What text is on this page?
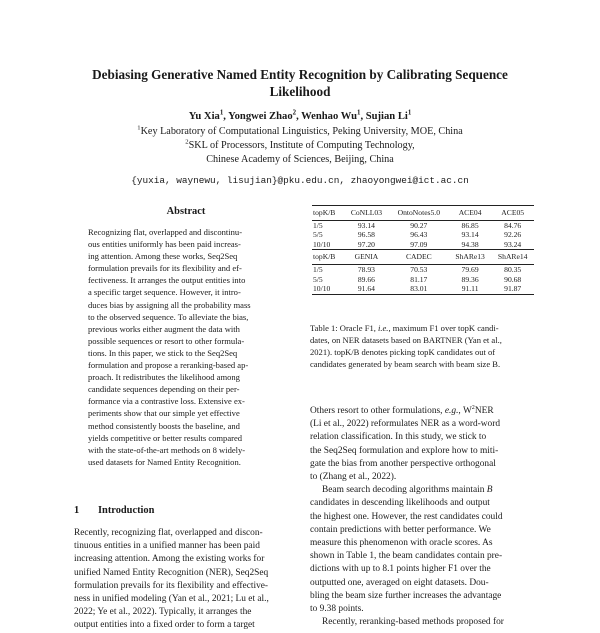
Debiasing Generative Named Entity Recognition by Calibrating Sequence
Likelihood
Yu Xia$^1$, Yongwei Zhao$^2$, Wenhao Wu$^1$, Sujian Li$^1$
$^1$Key Laboratory of Computational Linguistics, Peking University, MOE, China
$^2$SKL of Processors, Institute of Computing Technology,
Chinese Academy of Sciences, Beijing, China
{yuxia, waynewu, lisujian}@pku.edu.cn, zhaoyongwei@ict.ac.cn
Abstract
Recognizing flat, overlapped and discontinu-
ous entities uniformly has been paid increas-
ing attention. Among these works, Seq2Seq
formulation prevails for its flexibility and ef-
fectiveness. It arranges the output entities into
a specific target sequence. However, it intro-
duces bias by assigning all the probability mass
to the observed sequence. To alleviate the bias,
previous works either augment the data with
possible sequences or resort to other formula-
tions. In this paper, we stick to the Seq2Seq
formulation and propose a reranking-based ap-
proach. It redistributes the likelihood among
candidate sequences depending on their per-
formance via a contrastive loss. Extensive ex-
periments show that our simple yet effective
method consistently boosts the baseline, and
yields competitive or better results compared
with the state-of-the-art methods on 8 widely-
used datasets for Named Entity Recognition.
1 Introduction
Recently, recognizing flat, overlapped and discon-
tinuous entities in a unified manner has been paid
increasing attention. Among the existing works for
unified Named Entity Recognition (NER), Seq2Seq
formulation prevails for its flexibility and effective-
ness in unified modeling (Yan et al., 2021; Lu et al.,
2022; Ye et al., 2022). Typically, it arranges the
output entities into a fixed order to form a target
topK/B	CoNLL03	OntoNotes5.0	ACE04	ACE05
1/5	93.14	90.27	86.85	84.76
5/5	96.58	96.43	93.14	92.26
10/10	97.20	97.09	94.38	93.24
topK/B	GENIA	CADEC	ShARe13	ShARe14
1/5	78.93	70.53	79.69	80.35
5/5	89.66	81.17	89.36	90.68
10/10	91.64	83.01	91.11	91.87
Table 1: Oracle F1, i.e., maximum F1 over topK candi-
dates, on NER datasets based on BARTNER (Yan et al.,
2021). topK/B denotes picking topK candidates out of
candidates generated by beam search with beam size B.
Others resort to other formulations, e.g., $W^2NER$
(Li et al., 2022) reformulates NER as a word-word
relation classification. In this study, we stick to
the Seq2Seq formulation and explore how to miti-
gate the bias from another perspective orthogonal
to (Zhang et al., 2022).
Beam search decoding algorithms maintain B
candidates in descending likelihoods and output
the highest one. However, the rest candidates could
contain predictions with better performance. We
measure this phenomenon with oracle scores. As
shown in Table 1, the beam candidates contain pre-
dictions with up to 8.1 points higher F1 over the
outputted one, averaged on eight datasets. Dou-
bling the beam size further increases the advantage
to 9.38 points.
Recently, reranking-based methods proposed for
